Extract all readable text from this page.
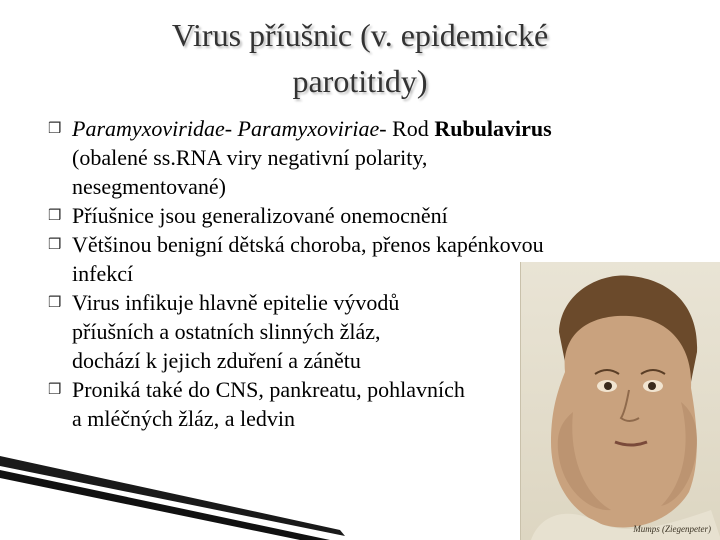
Virus příušnic (v. epidemické
parotitidy)
❒ Paramyxoviridae- Paramyxoviriae- Rod Rubulavirus
(obalené ss.RNA viry negativní polarity,
nesegmentované)
❒ Příušnice jsou generalizované onemocnění
❒ Většinou benigní dětská choroba, přenos kapénkovou
infekcí
❒ Virus infikuje hlavně epitelie vývodů
příušních a ostatních slinných žláz,
dochází k jejich zduření a zánětu
❒ Proniká také do CNS, pankreatu, pohlavních
a mléčných žláz, a ledvin
Mumps (Ziegenpeter)
